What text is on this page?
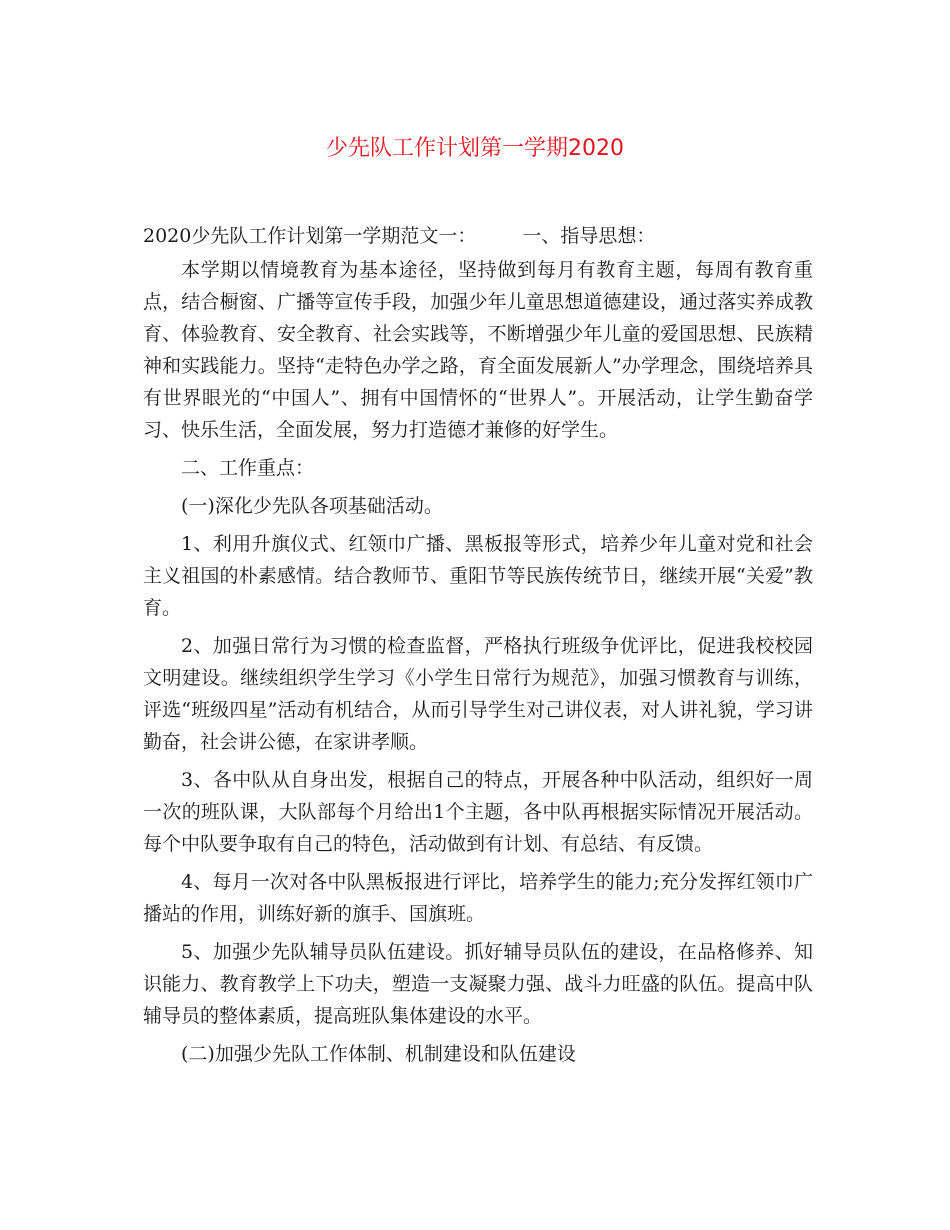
少先队工作计划第一学期2020
2020少先队工作计划第一学期范文一： 一、指导思想：

本学期以情境教育为基本途径，坚持做到每月有教育主题，每周有教育重点，结合橱窗、广播等宣传手段，加强少年儿童思想道德建设，通过落实养成教育、体验教育、安全教育、社会实践等，不断增强少年儿童的爱国思想、民族精神和实践能力。坚持“走特色办学之路，育全面发展新人”办学理念，围绕培养具有世界眼光的“中国人”、拥有中国情怀的“世界人”。开展活动，让学生勤奋学习、快乐生活，全面发展，努力打造德才兼修的好学生。

二、工作重点：

(一)深化少先队各项基础活动。

1、利用升旗仪式、红领巾广播、黑板报等形式，培养少年儿童对党和社会主义祖国的朴素感情。结合教师节、重阳节等民族传统节日，继续开展“关爱”教育。

2、加强日常行为习惯的检查监督，严格执行班级争优评比，促进我校校园文明建设。继续组织学生学习《小学生日常行为规范》，加强习惯教育与训练，评选“班级四星”活动有机结合，从而引导学生对己讲仪表，对人讲礼貌，学习讲勤奋，社会讲公德，在家讲孝顺。

3、各中队从自身出发，根据自己的特点，开展各种中队活动，组织好一周一次的班队课，大队部每个月给出1个主题，各中队再根据实际情况开展活动。每个中队要争取有自己的特色，活动做到有计划、有总结、有反馈。

4、每月一次对各中队黑板报进行评比，培养学生的能力;充分发挥红领巾广播站的作用，训练好新的旗手、国旗班。

5、加强少先队辅导员队伍建设。抓好辅导员队伍的建设，在品格修养、知识能力、教育教学上下功夫，塑造一支凝聚力强、战斗力旺盛的队伍。提高中队辅导员的整体素质，提高班队集体建设的水平。

(二)加强少先队工作体制、机制建设和队伍建设
